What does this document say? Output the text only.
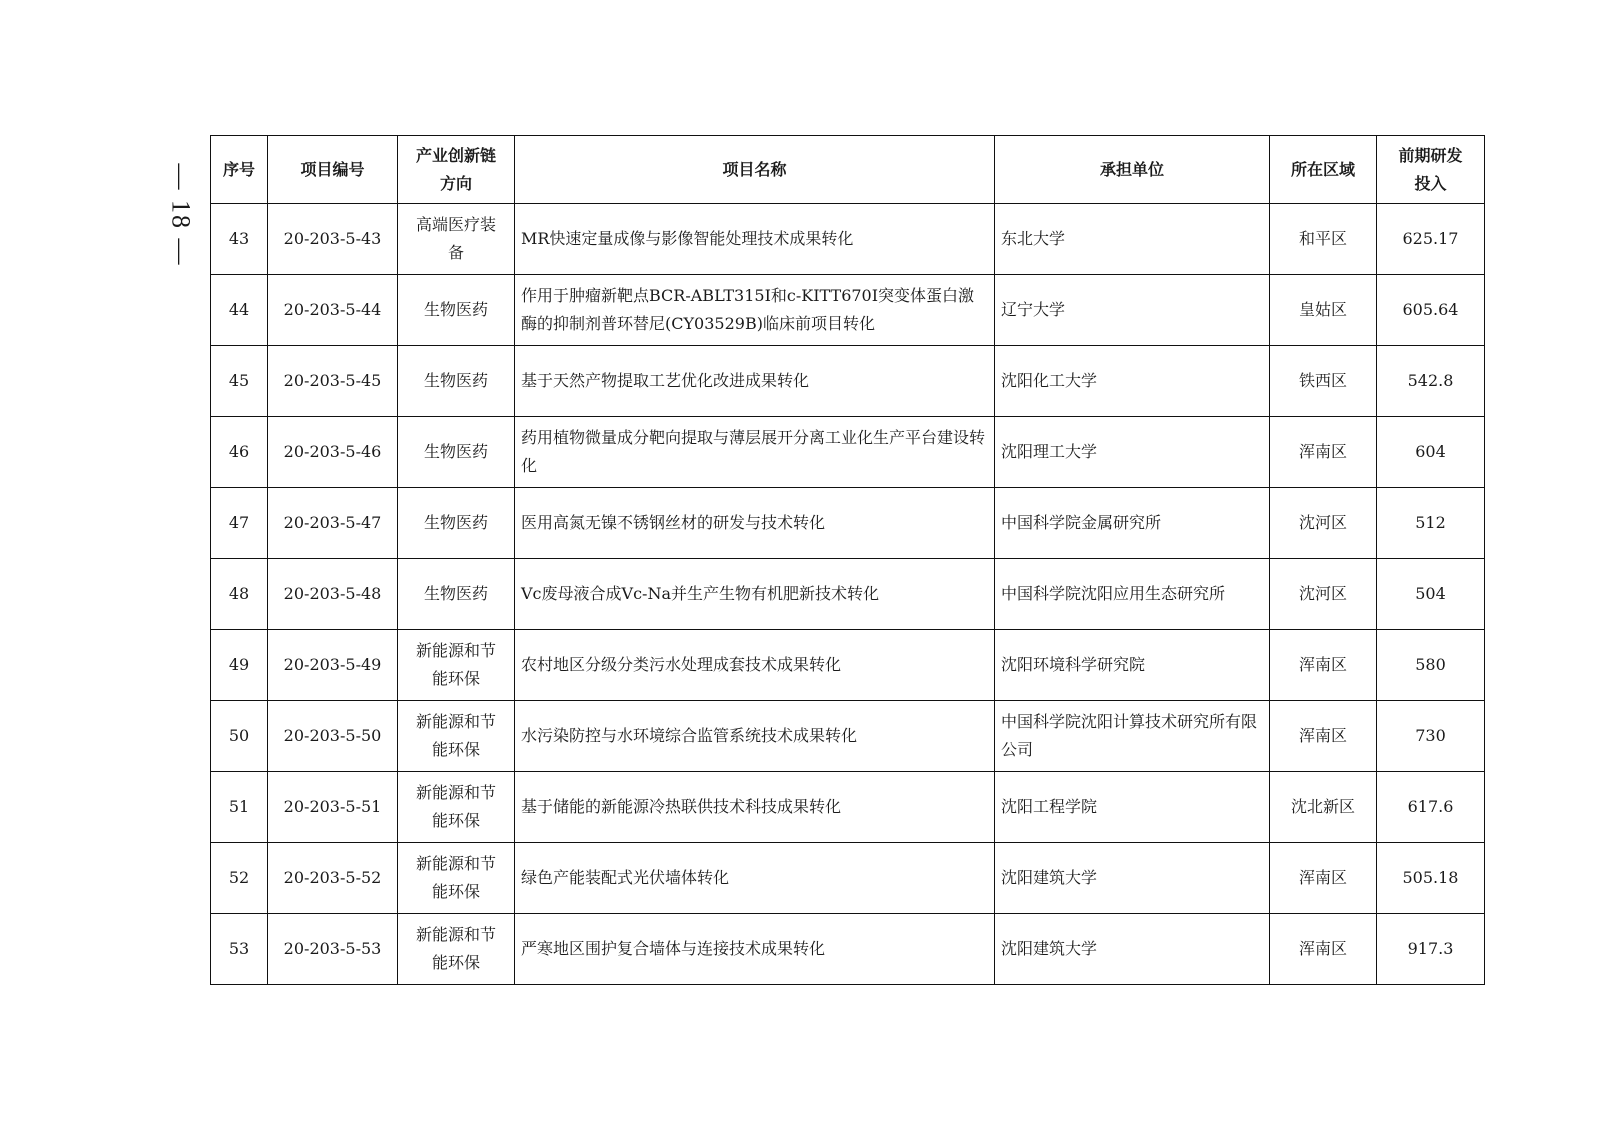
— 18 — 序号	项目编号	产业创新链方向	项目名称	承担单位	所在区域	前期研发投入
43	20-203-5-43	高端医疗装备	MR快速定量成像与影像智能处理技术成果转化	东北大学	和平区	625.17
44	20-203-5-44	生物医药	作用于肿瘤新靶点BCR-ABLT315I和c-KITT670I突变体蛋白激酶的抑制剂普环替尼(CY03529B)临床前项目转化	辽宁大学	皇姑区	605.64
45	20-203-5-45	生物医药	基于天然产物提取工艺优化改进成果转化	沈阳化工大学	铁西区	542.8
46	20-203-5-46	生物医药	药用植物微量成分靶向提取与薄层展开分离工业化生产平台建设转化	沈阳理工大学	浑南区	604
47	20-203-5-47	生物医药	医用高氮无镍不锈钢丝材的研发与技术转化	中国科学院金属研究所	沈河区	512
48	20-203-5-48	生物医药	Vc废母液合成Vc-Na并生产生物有机肥新技术转化	中国科学院沈阳应用生态研究所	沈河区	504
49	20-203-5-49	新能源和节能环保	农村地区分级分类污水处理成套技术成果转化	沈阳环境科学研究院	浑南区	580
50	20-203-5-50	新能源和节能环保	水污染防控与水环境综合监管系统技术成果转化	中国科学院沈阳计算技术研究所有限公司	浑南区	730
51	20-203-5-51	新能源和节能环保	基于储能的新能源冷热联供技术科技成果转化	沈阳工程学院	沈北新区	617.6
52	20-203-5-52	新能源和节能环保	绿色产能装配式光伏墙体转化	沈阳建筑大学	浑南区	505.18
53	20-203-5-53	新能源和节能环保	严寒地区围护复合墙体与连接技术成果转化	沈阳建筑大学	浑南区	917.3
